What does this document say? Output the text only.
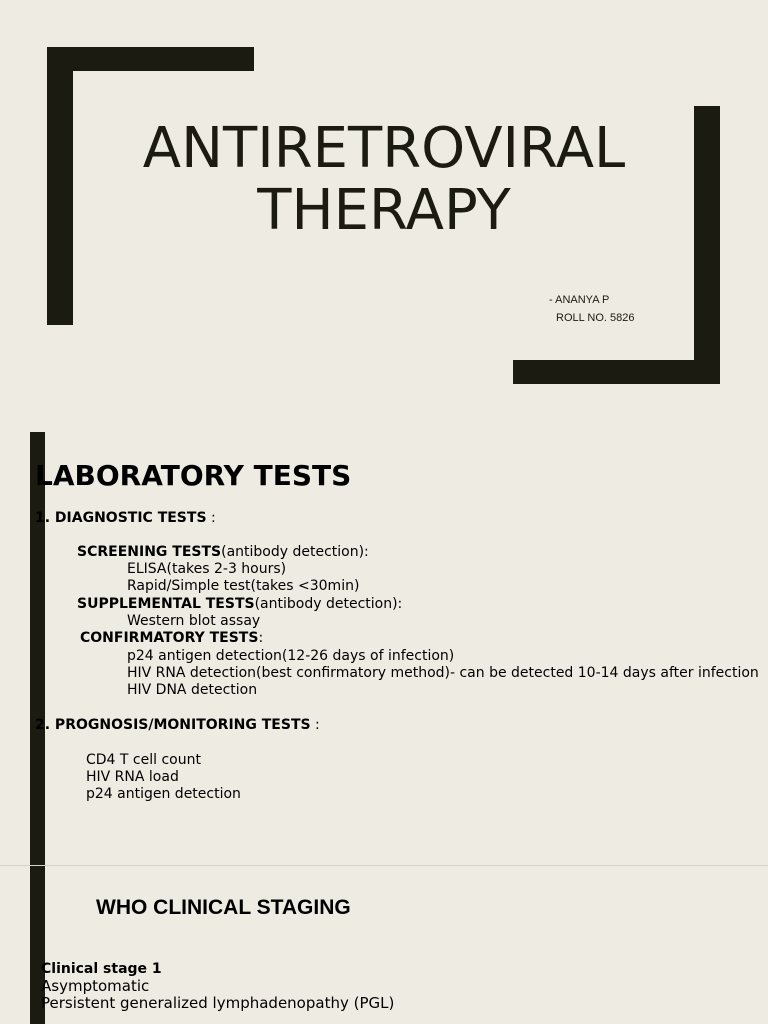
ANTIRETROVIRAL
THERAPY
- ANANYA P
ROLL NO. 5826
LABORATORY TESTS
1. DIAGNOSTIC TESTS :
SCREENING TESTS(antibody detection):
ELISA(takes 2-3 hours)
Rapid/Simple test(takes <30min)
SUPPLEMENTAL TESTS(antibody detection):
Western blot assay
CONFIRMATORY TESTS:
p24 antigen detection(12-26 days of infection)
HIV RNA detection(best confirmatory method)- can be detected 10-14 days after infection
HIV DNA detection
2. PROGNOSIS/MONITORING TESTS :
CD4 T cell count
HIV RNA load
p24 antigen detection
WHO CLINICAL STAGING
Clinical stage 1
Asymptomatic
Persistent generalized lymphadenopathy (PGL)
